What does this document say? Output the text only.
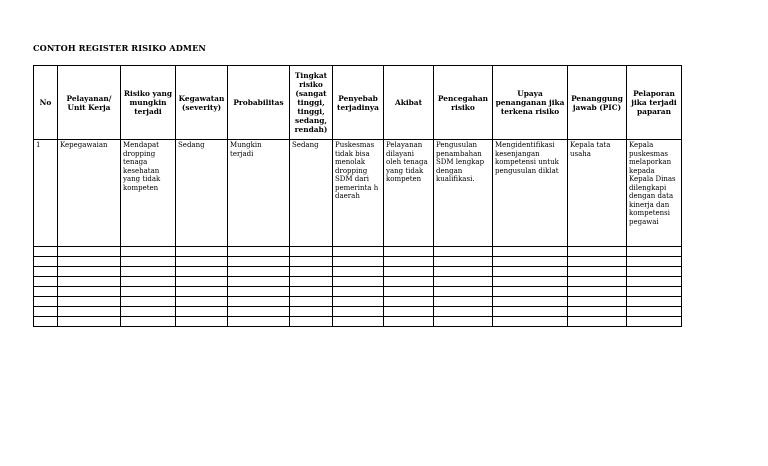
CONTOH REGISTER RISIKO ADMEN
No	Pelayanan/ Unit Kerja	Risiko yang mungkin terjadi	Kegawatan (severity)	Probabilitas	Tingkat risiko (sangat tinggi, tinggi, sedang, rendah)	Penyebab terjadinya	Akibat	Pencegahan risiko	Upaya penanganan jika terkena risiko	Penanggung jawab (PIC)	Pelaporan jika terjadi paparan

1	Kepegawaian	Mendapat dropping tenaga kesehatan yang tidak kompeten	Sedang	Mungkin terjadi	Sedang	Puskesmas tidak bisa menolak dropping SDM dari pemerinta h daerah	Pelayanan dilayani oleh tenaga yang tidak kompeten	Pengusulan penambahan SDM lengkap dengan kualifikasi.	Mengidentifikasi kesenjangan kompetensi untuk pengusulan diklat	Kepala tata usaha	Kepala puskesmas melaporkan kepada Kepala Dinas dilengkapi dengan data kinerja dan kompetensi pegawai
